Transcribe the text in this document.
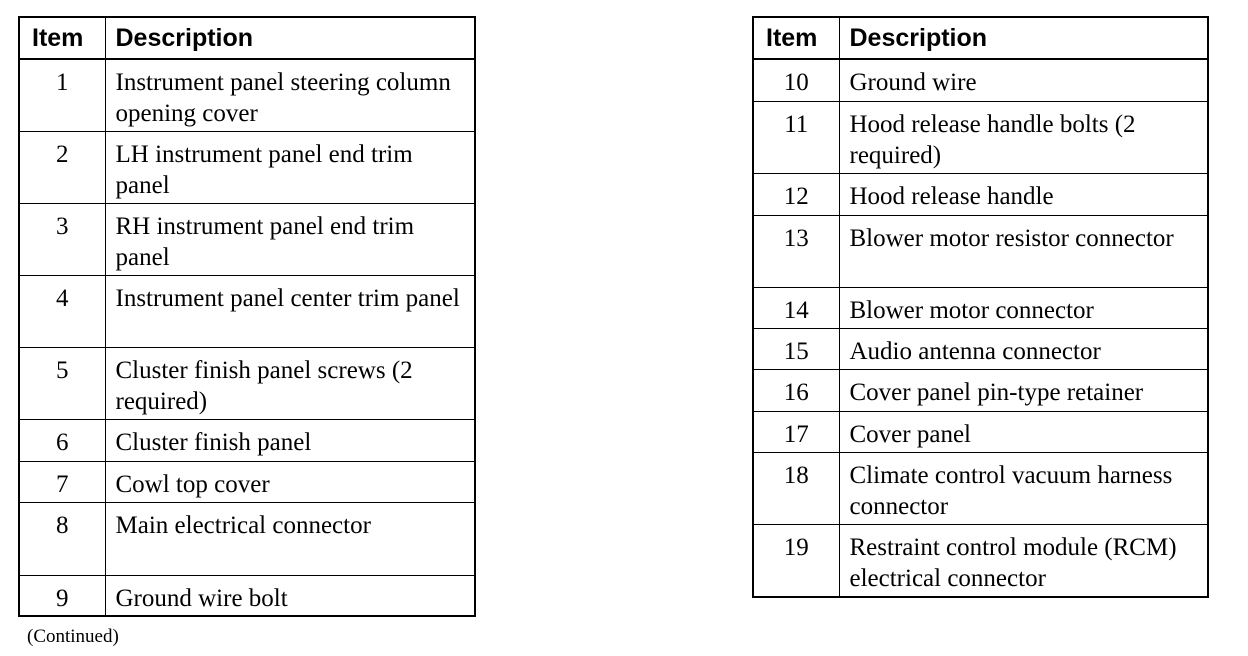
Item	Description
1	Instrument panel steering column opening cover
2	LH instrument panel end trim panel
3	RH instrument panel end trim panel
4	Instrument panel center trim panel
5	Cluster finish panel screws (2 required)
6	Cluster finish panel
7	Cowl top cover
8	Main electrical connector
9	Ground wire bolt
Item	Description
10	Ground wire
11	Hood release handle bolts (2 required)
12	Hood release handle
13	Blower motor resistor connector
14	Blower motor connector
15	Audio antenna connector
16	Cover panel pin-type retainer
17	Cover panel
18	Climate control vacuum harness connector
19	Restraint control module (RCM) electrical connector
(Continued)
